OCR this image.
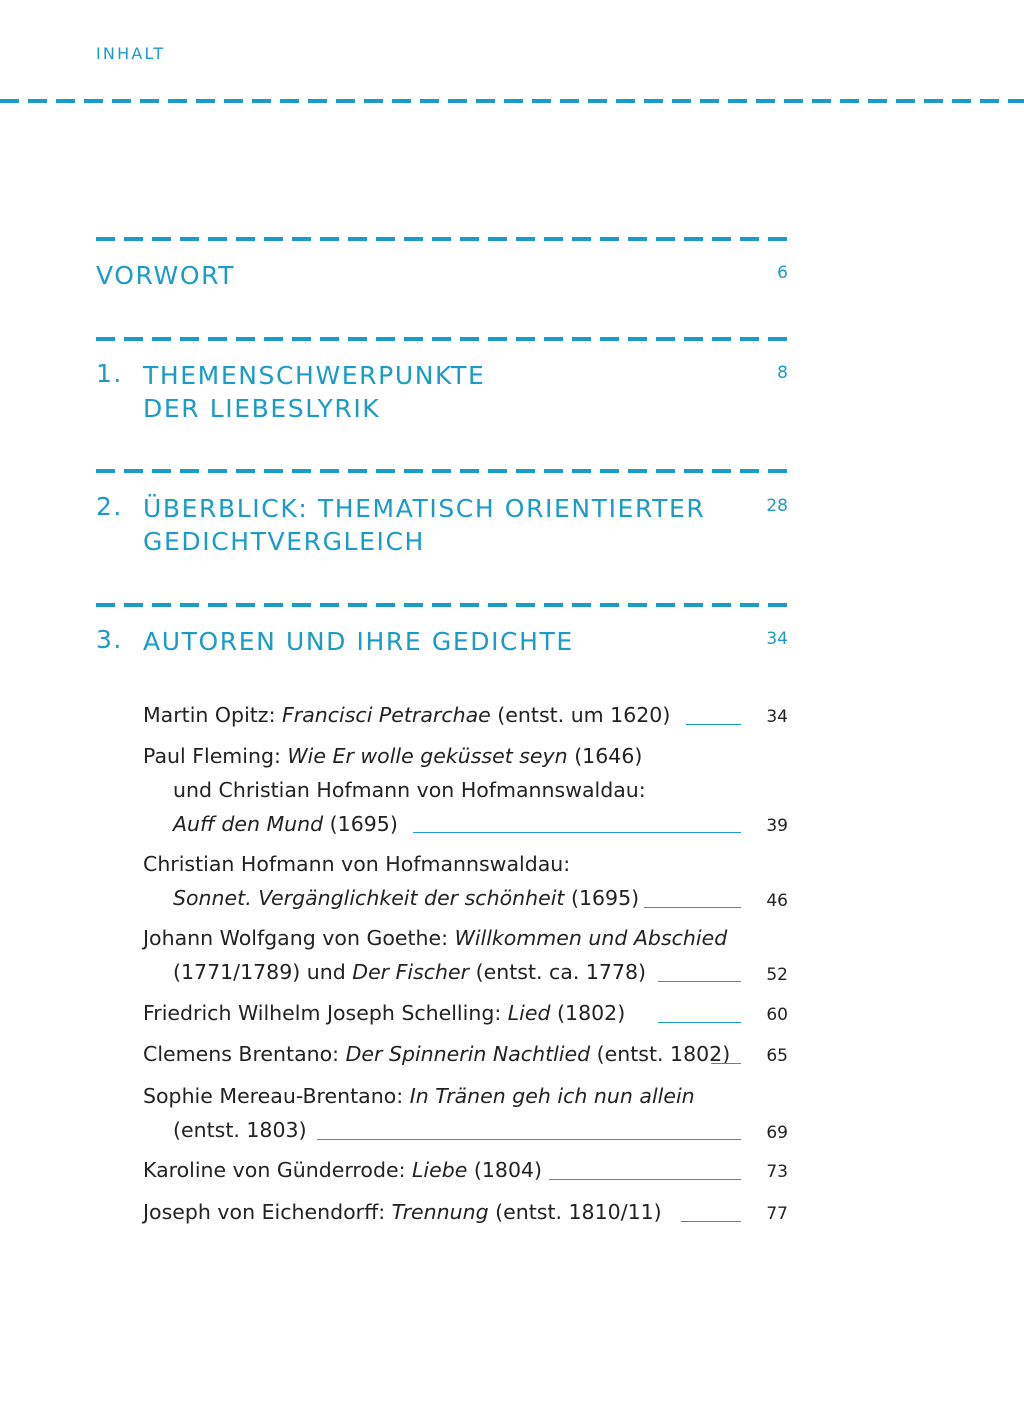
INHALT
VORWORT	6
1. THEMENSCHWERPUNKTE
DER LIEBESLYRIK
8
2. ÜBERBLICK: THEMATISCH ORIENTIERTER
GEDICHTVERGLEICH
28
3. AUTOREN UND IHRE GEDICHTE	34
Martin Opitz: Francisci Petrarchae (entst. um 1620)	34
Paul Fleming: Wie Er wolle geküsset seyn (1646)
und Christian Hofmann von Hofmannswaldau:
Auff den Mund (1695)	39
Christian Hofmann von Hofmannswaldau:
Sonnet. Vergänglichkeit der schönheit (1695)	46
Johann Wolfgang von Goethe: Willkommen und Abschied
(1771/1789) und Der Fischer (entst. ca. 1778)	52
Friedrich Wilhelm Joseph Schelling: Lied (1802)	60
Clemens Brentano: Der Spinnerin Nachtlied (entst. 1802) 65
Sophie Mereau-Brentano: In Tränen geh ich nun allein
(entst. 1803)	69
Karoline von Günderrode: Liebe (1804)	73
Joseph von Eichendorff: Trennung (entst. 1810/11)	77
